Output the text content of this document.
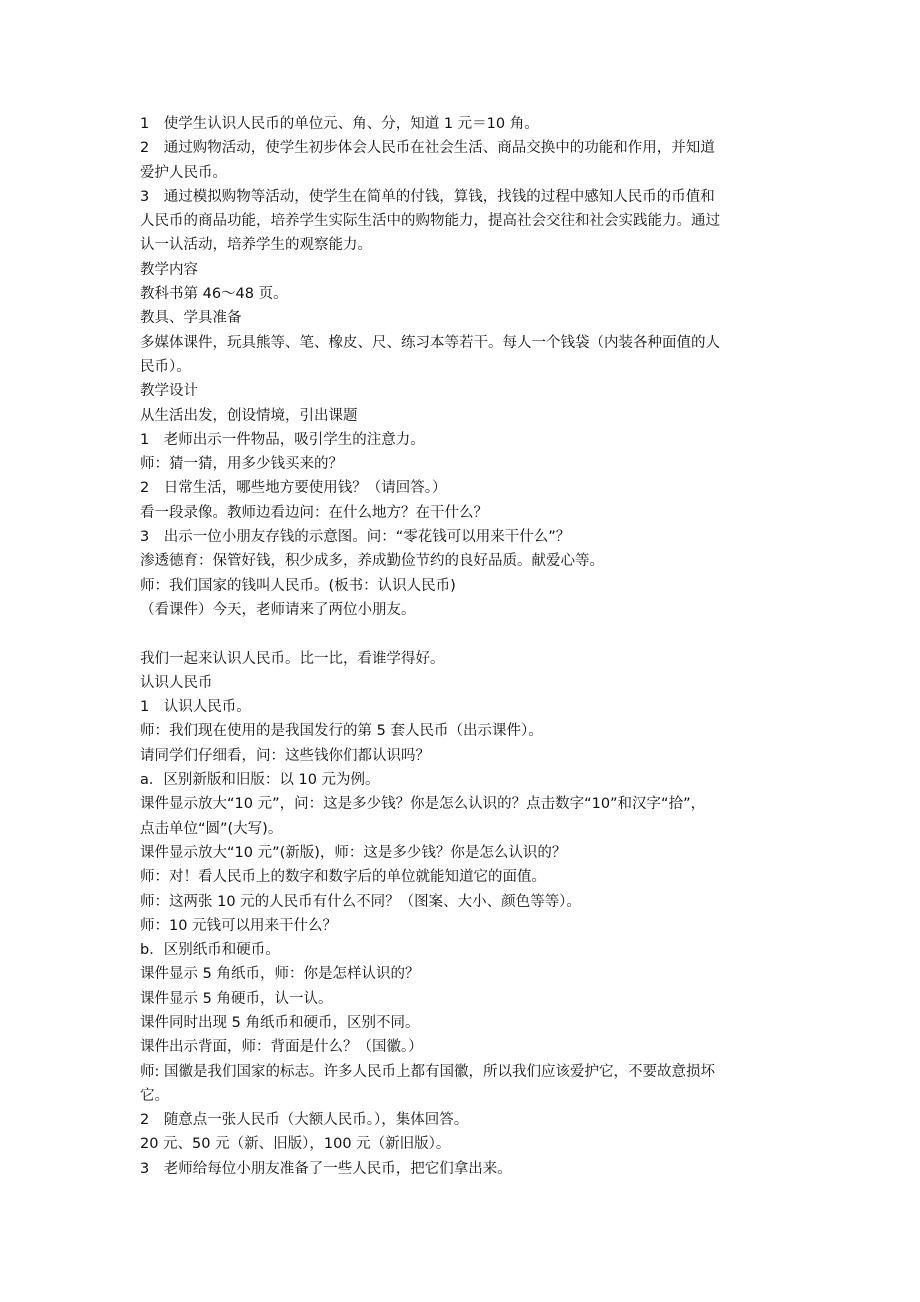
1　使学生认识人民币的单位元、角、分，知道 1 元＝10 角。
2　通过购物活动，使学生初步体会人民币在社会生活、商品交换中的功能和作用，并知道
爱护人民币。
3　通过模拟购物等活动，使学生在简单的付钱，算钱，找钱的过程中感知人民币的币值和
人民币的商品功能，培养学生实际生活中的购物能力，提高社会交往和社会实践能力。通过
认一认活动，培养学生的观察能力。
教学内容
教科书第 46～48 页。
教具、学具准备
多媒体课件，玩具熊等、笔、橡皮、尺、练习本等若干。每人一个钱袋（内装各种面值的人
民币）。
教学设计
从生活出发，创设情境，引出课题
1　老师出示一件物品，吸引学生的注意力。
师：猜一猜，用多少钱买来的？
2　日常生活，哪些地方要使用钱？（请回答。）
看一段录像。教师边看边问：在什么地方？在干什么？
3　出示一位小朋友存钱的示意图。问：“零花钱可以用来干什么”？
渗透德育：保管好钱，积少成多，养成勤俭节约的良好品质。献爱心等。
师：我们国家的钱叫人民币。(板书：认识人民币)
（看课件）今天，老师请来了两位小朋友。
我们一起来认识人民币。比一比，看谁学得好。
认识人民币
1　认识人民币。
师：我们现在使用的是我国发行的第 5 套人民币（出示课件）。
请同学们仔细看，问：这些钱你们都认识吗？
a．区别新版和旧版：以 10 元为例。
课件显示放大“10 元”，问：这是多少钱？你是怎么认识的？点击数字“10”和汉字“拾”，
点击单位“圆”(大写)。
课件显示放大“10 元”(新版)，师：这是多少钱？你是怎么认识的？
师：对！看人民币上的数字和数字后的单位就能知道它的面值。
师：这两张 10 元的人民币有什么不同？（图案、大小、颜色等等）。
师：10 元钱可以用来干什么？
b．区别纸币和硬币。
课件显示 5 角纸币，师：你是怎样认识的？
课件显示 5 角硬币，认一认。
课件同时出现 5 角纸币和硬币，区别不同。
课件出示背面，师：背面是什么？（国徽。）
师: 国徽是我们国家的标志。许多人民币上都有国徽，所以我们应该爱护它，不要故意损坏
它。
2　随意点一张人民币（大额人民币。），集体回答。
20 元、50 元（新、旧版），100 元（新旧版）。
3　老师给每位小朋友准备了一些人民币，把它们拿出来。
